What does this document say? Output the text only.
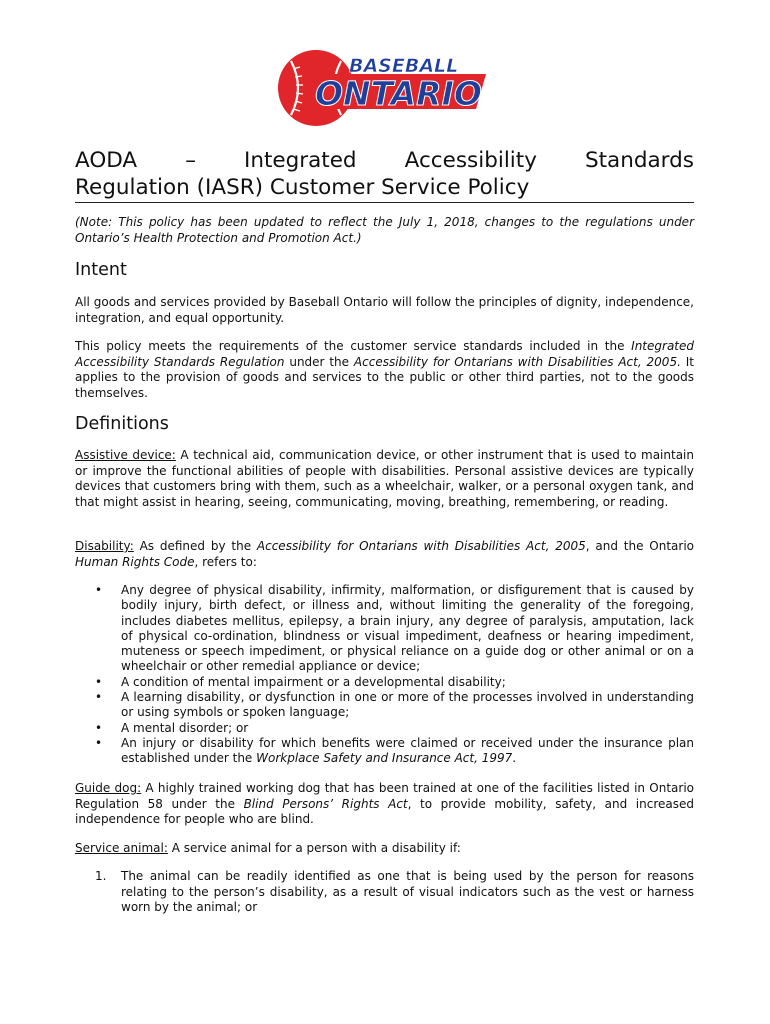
BASEBALL
ONTARIO
AODA – Integrated Accessibility Standards
Regulation (IASR) Customer Service Policy
(Note: This policy has been updated to reflect the July 1, 2018, changes to the regulations under Ontario’s Health Protection and Promotion Act.)
Intent

All goods and services provided by Baseball Ontario will follow the principles of dignity, independence, integration, and equal opportunity.

This policy meets the requirements of the customer service standards included in the Integrated Accessibility Standards Regulation under the Accessibility for Ontarians with Disabilities Act, 2005. It applies to the provision of goods and services to the public or other third parties, not to the goods themselves.

Definitions

Assistive device: A technical aid, communication device, or other instrument that is used to maintain or improve the functional abilities of people with disabilities. Personal assistive devices are typically devices that customers bring with them, such as a wheelchair, walker, or a personal oxygen tank, and that might assist in hearing, seeing, communicating, moving, breathing, remembering, or reading.

Disability: As defined by the Accessibility for Ontarians with Disabilities Act, 2005, and the Ontario Human Rights Code, refers to:

• Any degree of physical disability, infirmity, malformation, or disfigurement that is caused by bodily injury, birth defect, or illness and, without limiting the generality of the foregoing, includes diabetes mellitus, epilepsy, a brain injury, any degree of paralysis, amputation, lack of physical co-ordination, blindness or visual impediment, deafness or hearing impediment, muteness or speech impediment, or physical reliance on a guide dog or other animal or on a wheelchair or other remedial appliance or device;
• A condition of mental impairment or a developmental disability;
• A learning disability, or dysfunction in one or more of the processes involved in understanding or using symbols or spoken language;
• A mental disorder; or
• An injury or disability for which benefits were claimed or received under the insurance plan established under the Workplace Safety and Insurance Act, 1997.

Guide dog: A highly trained working dog that has been trained at one of the facilities listed in Ontario Regulation 58 under the Blind Persons’ Rights Act, to provide mobility, safety, and increased independence for people who are blind.

Service animal: A service animal for a person with a disability if:

1. The animal can be readily identified as one that is being used by the person for reasons relating to the person’s disability, as a result of visual indicators such as the vest or harness worn by the animal; or
